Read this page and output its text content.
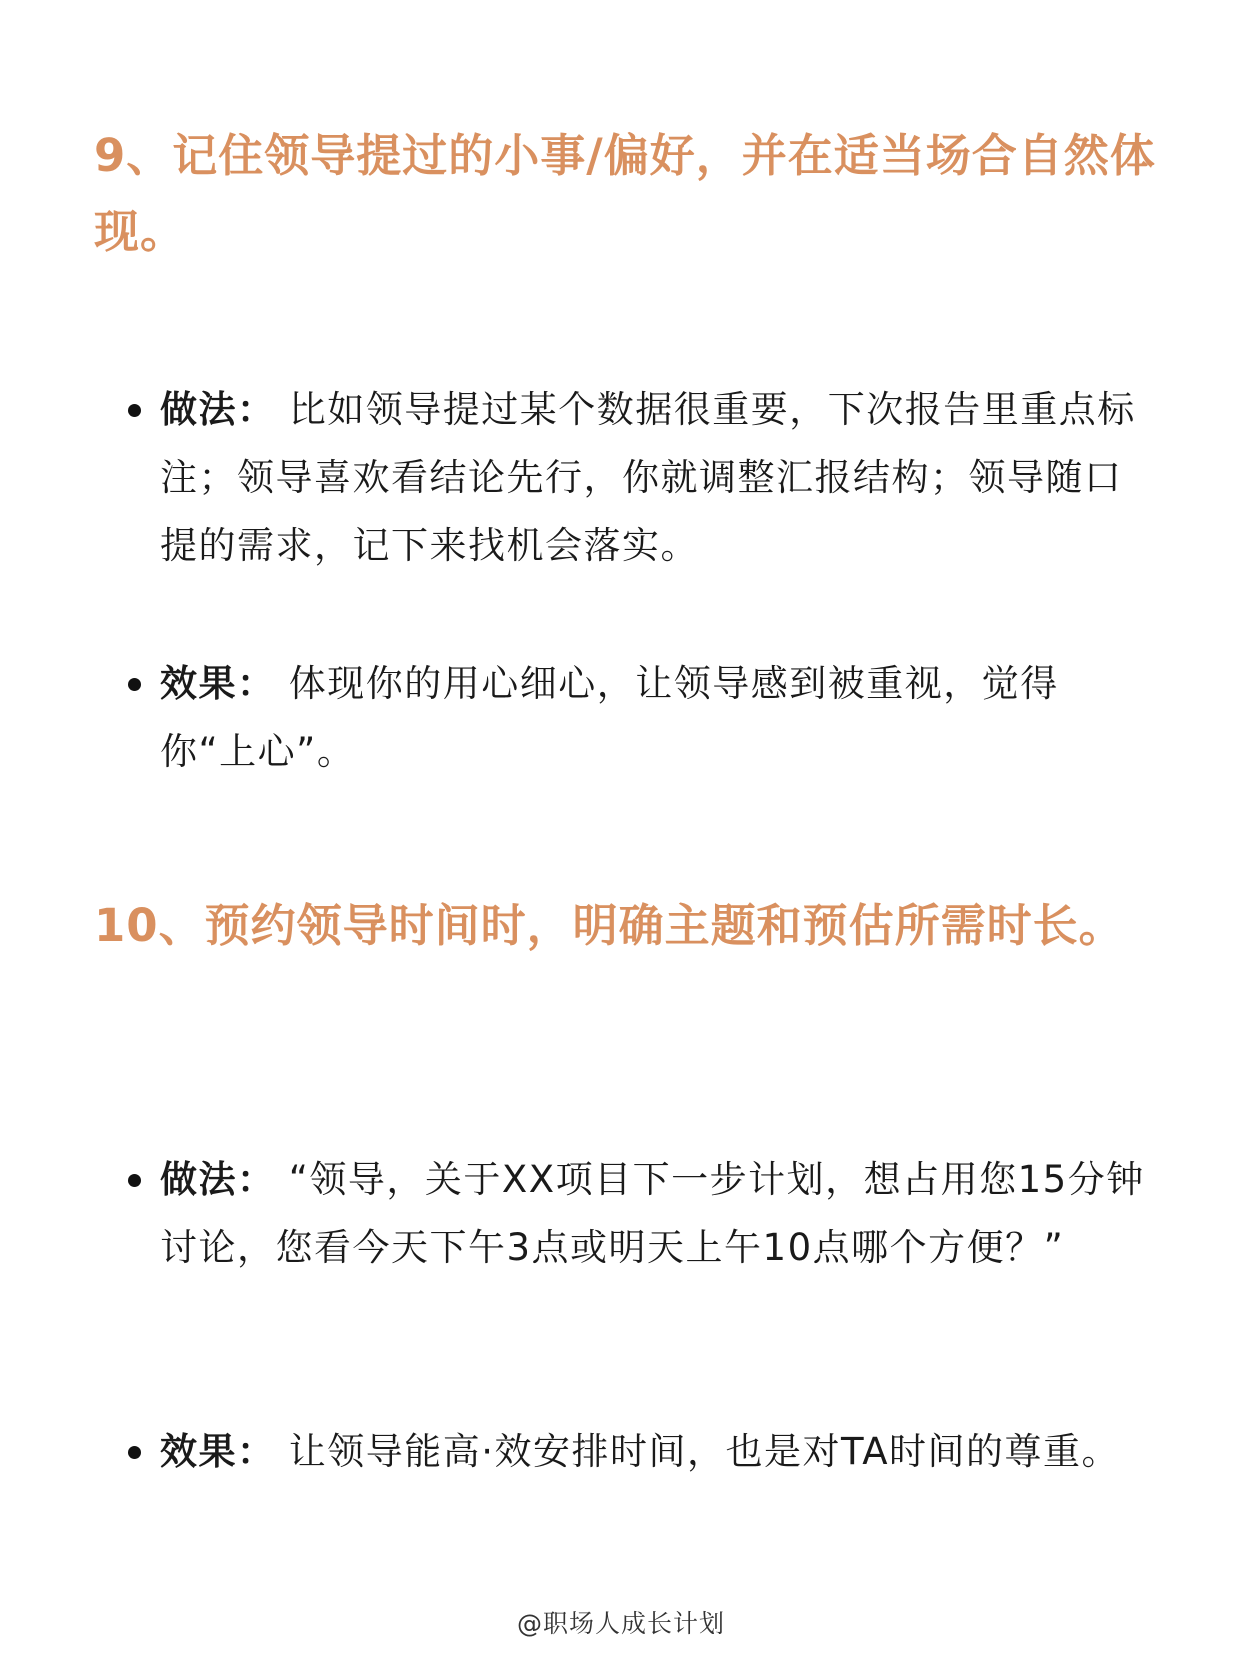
9、记住领导提过的小事/偏好，并在适当场合自然体现。
做法： 比如领导提过某个数据很重要，下次报告里重点标注；领导喜欢看结论先行，你就调整汇报结构；领导随口提的需求，记下来找机会落实。
效果： 体现你的用心细心，让领导感到被重视，觉得你“上心”。
10、预约领导时间时，明确主题和预估所需时长。
做法： “领导，关于XX项目下一步计划，想占用您15分钟讨论，您看今天下午3点或明天上午10点哪个方便？”
效果： 让领导能高·效安排时间，也是对TA时间的尊重。
@职场人成长计划
